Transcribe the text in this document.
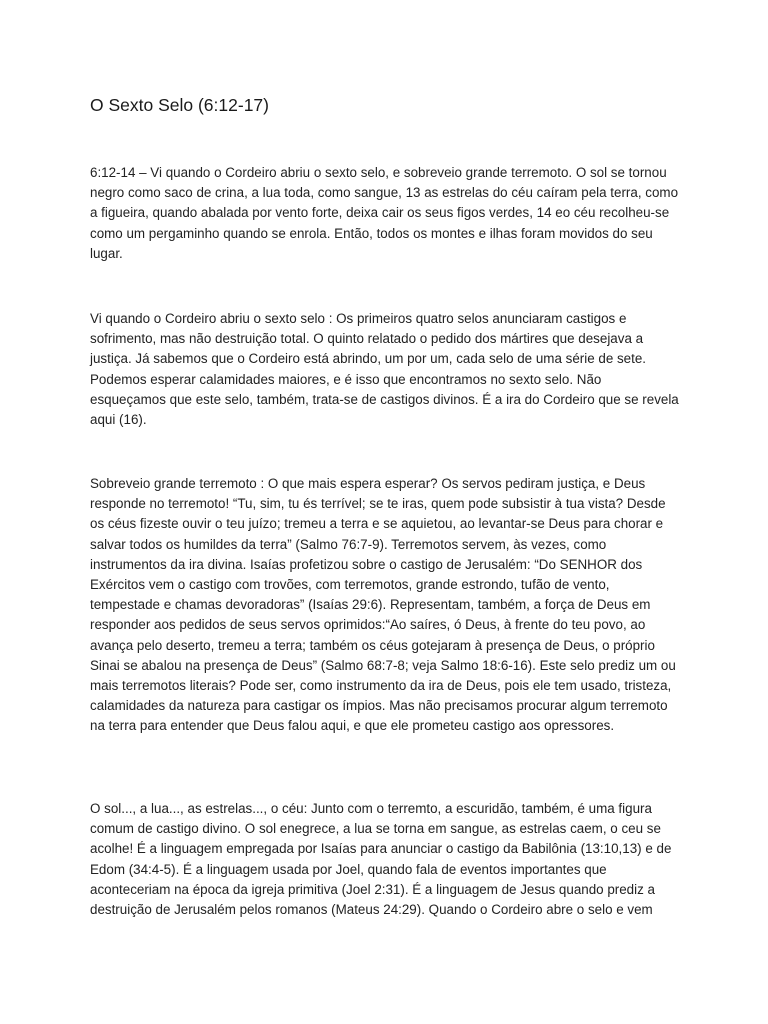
O Sexto Selo (6:12-17)

6:12-14 – Vi quando o Cordeiro abriu o sexto selo, e sobreveio grande terremoto. O sol se tornou negro como saco de crina, a lua toda, como sangue, 13 as estrelas do céu caíram pela terra, como a figueira, quando abalada por vento forte, deixa cair os seus figos verdes, 14 eo céu recolheu-se como um pergaminho quando se enrola. Então, todos os montes e ilhas foram movidos do seu lugar.

Vi quando o Cordeiro abriu o sexto selo : Os primeiros quatro selos anunciaram castigos e sofrimento, mas não destruição total. O quinto relatado o pedido dos mártires que desejava a justiça. Já sabemos que o Cordeiro está abrindo, um por um, cada selo de uma série de sete. Podemos esperar calamidades maiores, e é isso que encontramos no sexto selo. Não esqueçamos que este selo, também, trata-se de castigos divinos. É a ira do Cordeiro que se revela aqui (16).

Sobreveio grande terremoto : O que mais espera esperar? Os servos pediram justiça, e Deus responde no terremoto! “Tu, sim, tu és terrível; se te iras, quem pode subsistir à tua vista? Desde os céus fizeste ouvir o teu juízo; tremeu a terra e se aquietou, ao levantar-se Deus para chorar e salvar todos os humildes da terra” (Salmo 76:7-9). Terremotos servem, às vezes, como instrumentos da ira divina. Isaías profetizou sobre o castigo de Jerusalém: “Do SENHOR dos Exércitos vem o castigo com trovões, com terremotos, grande estrondo, tufão de vento, tempestade e chamas devoradoras” (Isaías 29:6). Representam, também, a força de Deus em responder aos pedidos de seus servos oprimidos:“Ao saíres, ó Deus, à frente do teu povo, ao avança pelo deserto, tremeu a terra; também os céus gotejaram à presença de Deus, o próprio Sinai se abalou na presença de Deus” (Salmo 68:7-8; veja Salmo 18:6-16). Este selo prediz um ou mais terremotos literais? Pode ser, como instrumento da ira de Deus, pois ele tem usado, tristeza, calamidades da natureza para castigar os ímpios. Mas não precisamos procurar algum terremoto na terra para entender que Deus falou aqui, e que ele prometeu castigo aos opressores.

O sol..., a lua..., as estrelas..., o céu: Junto com o terremto, a escuridão, também, é uma figura comum de castigo divino. O sol enegrece, a lua se torna em sangue, as estrelas caem, o ceu se acolhe! É a linguagem empregada por Isaías para anunciar o castigo da Babilônia (13:10,13) e de Edom (34:4-5). É a linguagem usada por Joel, quando fala de eventos importantes que aconteceriam na época da igreja primitiva (Joel 2:31). É a linguagem de Jesus quando prediz a destruição de Jerusalém pelos romanos (Mateus 24:29). Quando o Cordeiro abre o selo e vem
